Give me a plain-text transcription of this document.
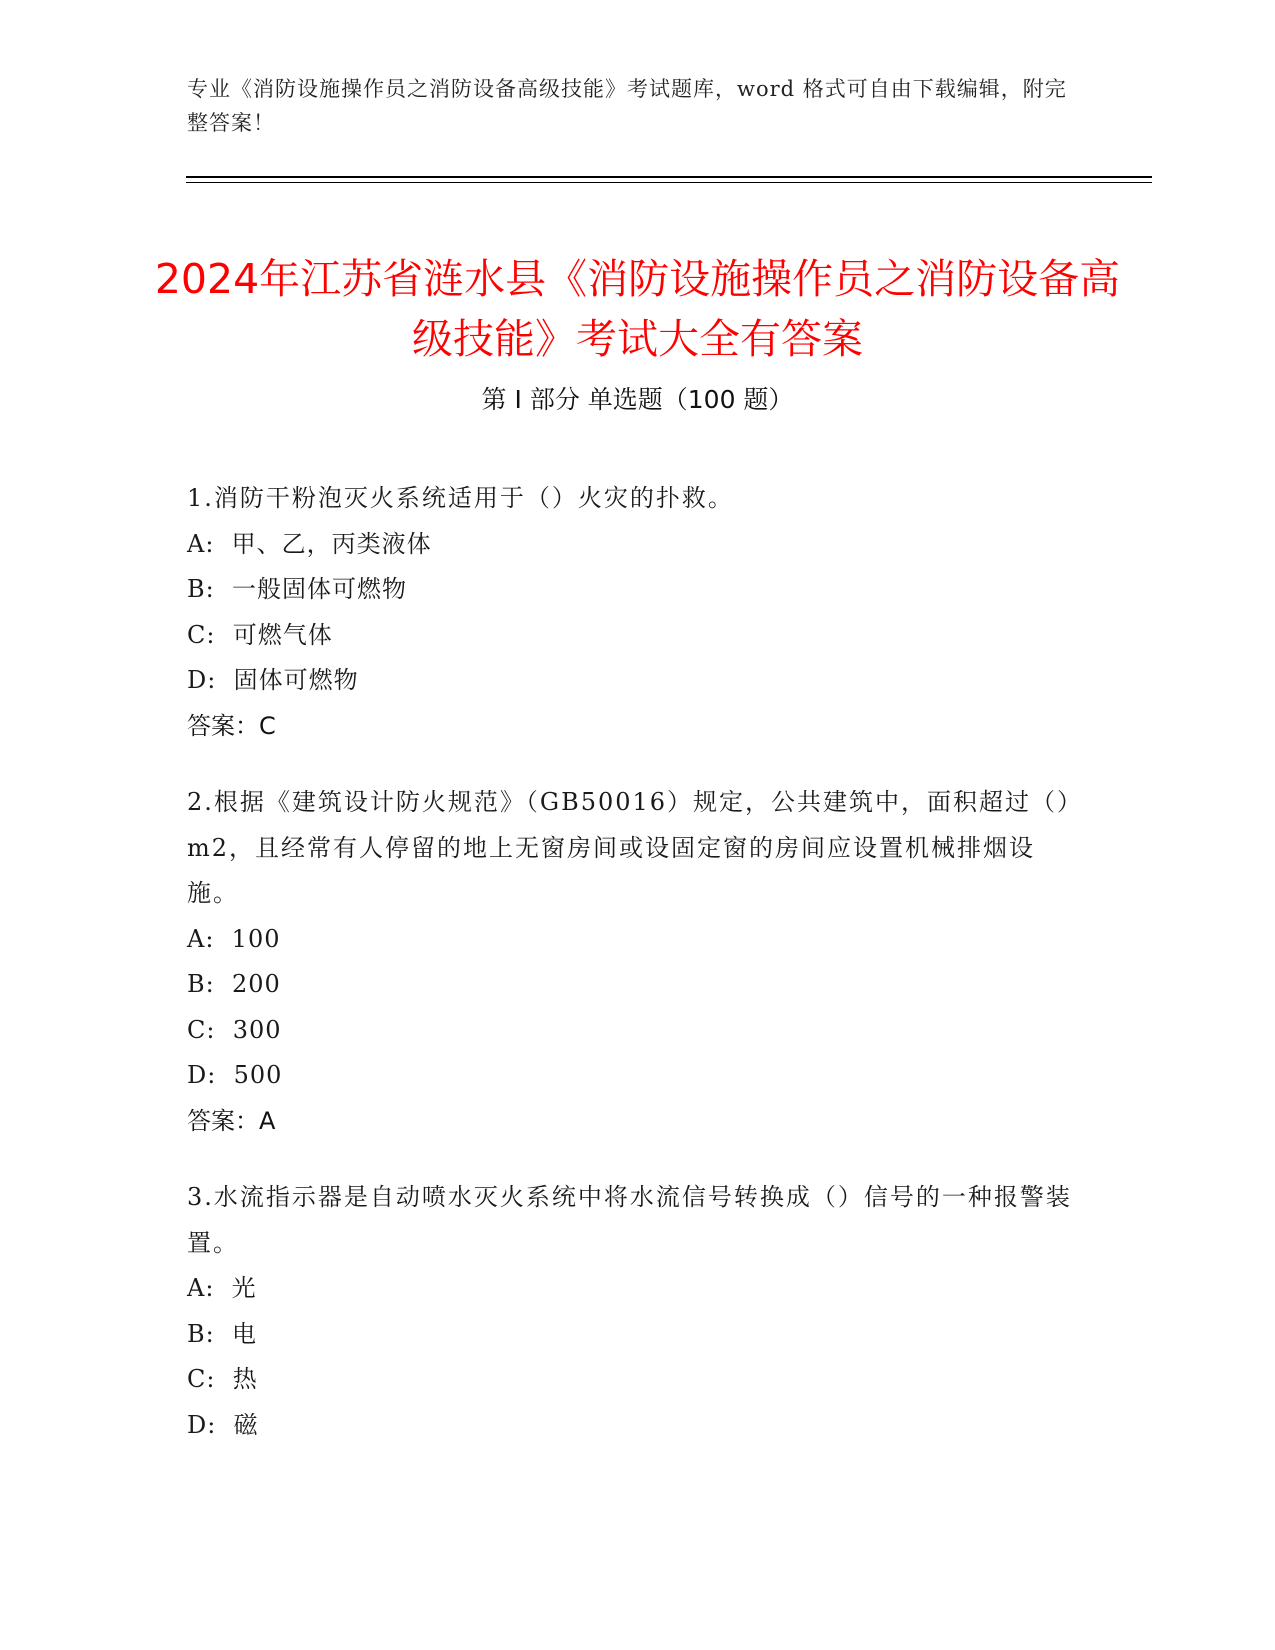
专业《消防设施操作员之消防设备高级技能》考试题库，word 格式可自由下载编辑，附完整答案！
2024年江苏省涟水县《消防设施操作员之消防设备高级技能》考试大全有答案
第 I 部分 单选题（100 题）
1.消防干粉泡灭火系统适用于（）火灾的扑救。
A:  甲、乙，丙类液体
B:  一般固体可燃物
C:  可燃气体
D:  固体可燃物
答案：C
2.根据《建筑设计防火规范》（GB50016）规定，公共建筑中，面积超过（）m2，且经常有人停留的地上无窗房间或设固定窗的房间应设置机械排烟设施。
A:  100
B:  200
C:  300
D:  500
答案：A
3.水流指示器是自动喷水灭火系统中将水流信号转换成（）信号的一种报警装置。
A:  光
B:  电
C:  热
D:  磁
